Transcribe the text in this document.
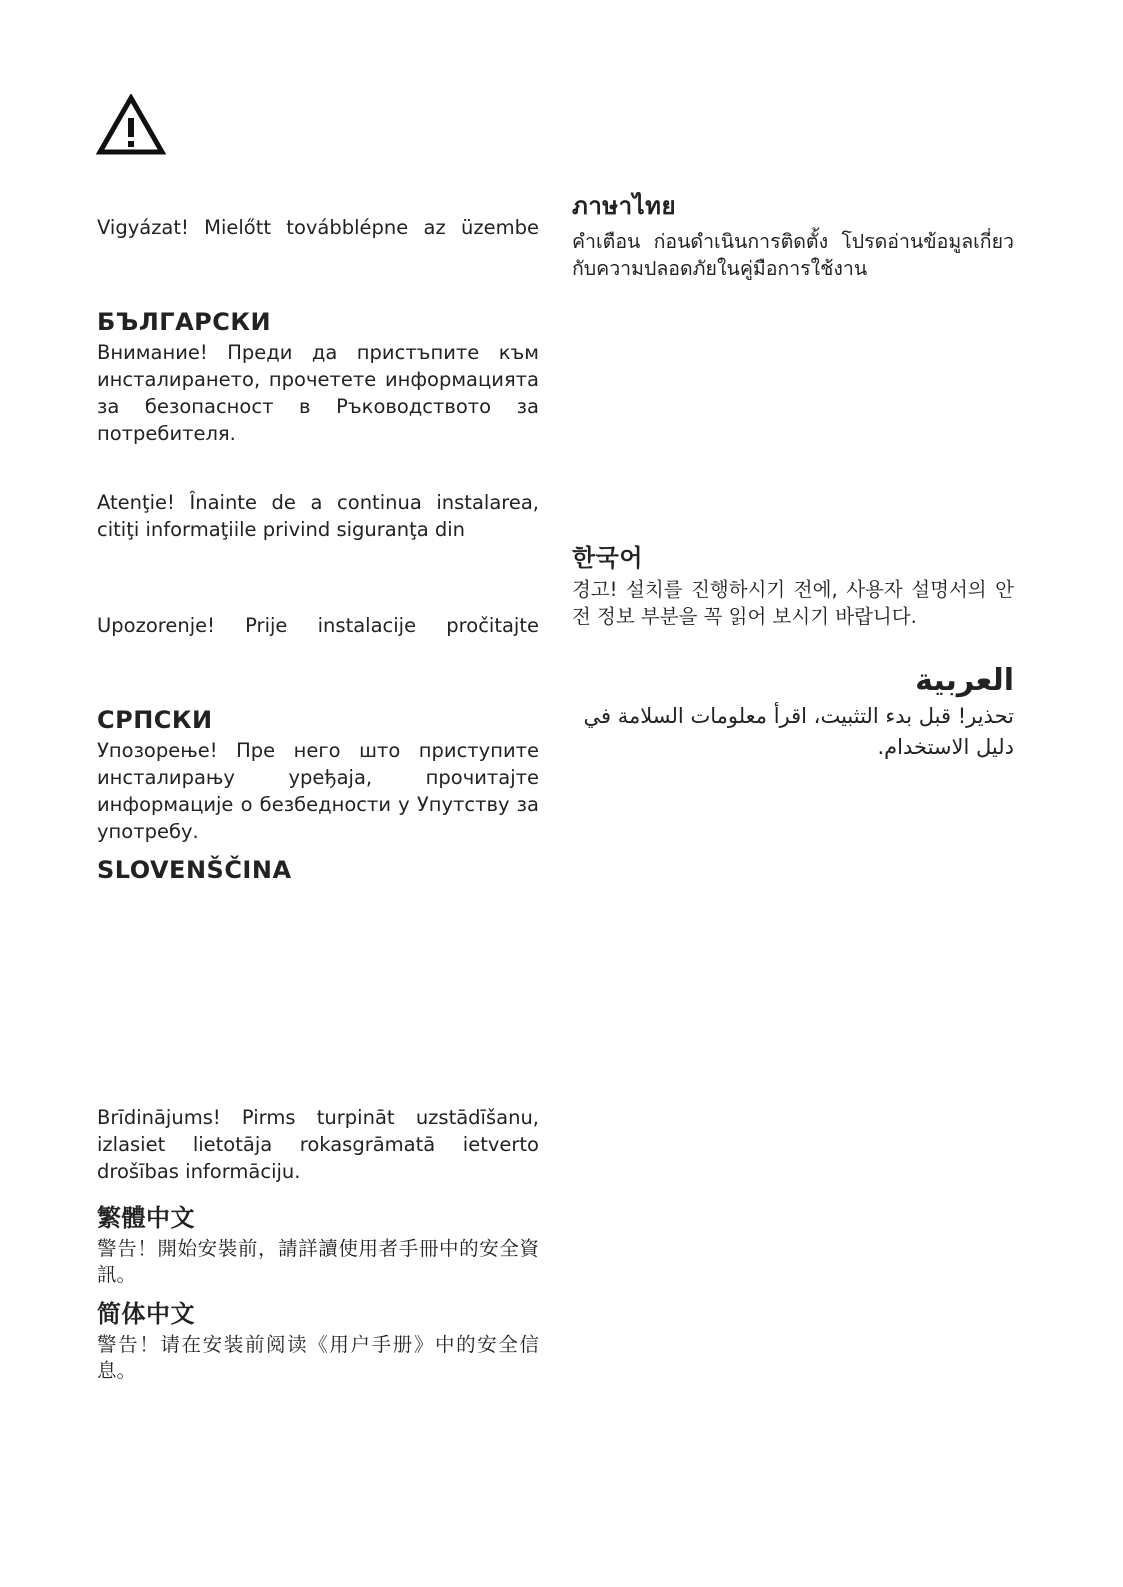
Vigyázat! Mielőtt továbblépne az üzembe

БЪЛГАРСКИ

Внимание! Преди да пристъпите към инсталирането, прочетете информацията за безопасност в Ръководството за потребителя.

Atenţie! Înainte de a continua instalarea, citiţi informaţiile privind siguranţa din

Upozorenje! Prije instalacije pročitajte

СРПСКИ

Упозорење! Пре него што приступите инсталирању уређаја, прочитајте информације о безбедности у Упутству за употребу.

SLOVENŠČINA

Brīdinājums! Pirms turpināt uzstādīšanu, izlasiet lietotāja rokasgrāmatā ietverto drošības informāciju.

繁體中文

警告！開始安裝前，請詳讀使用者手冊中的安全資訊。

简体中文

警告！请在安装前阅读《用户手册》中的安全信息。

ภาษาไทย

คำเตือน ก่อนดำเนินการติดตั้ง โปรดอ่านข้อมูลเกี่ยวกับความปลอดภัยในคู่มือการใช้งาน

한국어

경고! 설치를 진행하시기 전에, 사용자 설명서의 안전 정보 부분을 꼭 읽어 보시기 바랍니다.

العربية

تحذير! قبل بدء التثبيت، اقرأ معلومات السلامة في دليل الاستخدام.
